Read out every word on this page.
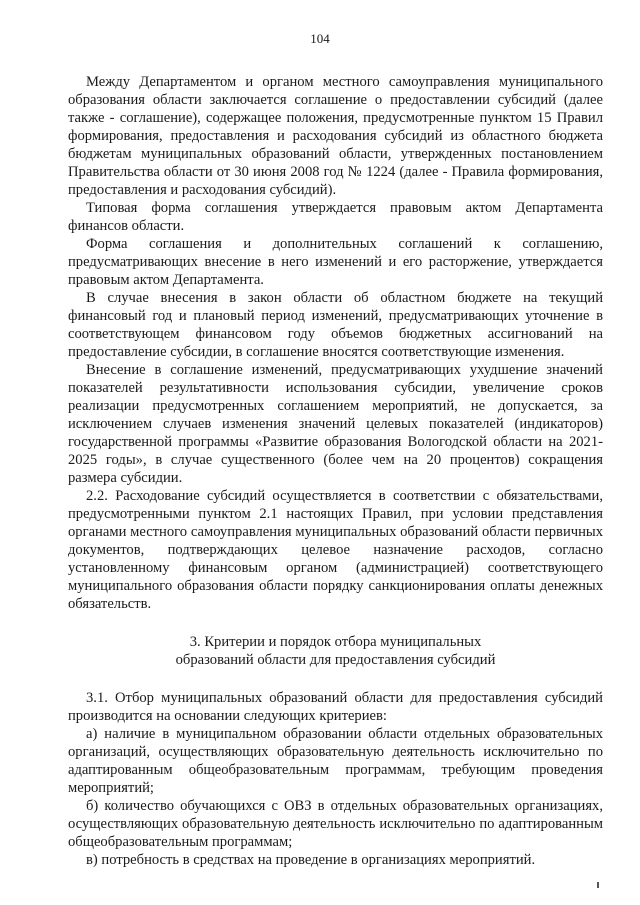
104

Между Департаментом и органом местного самоуправления муниципального образования области заключается соглашение о предоставлении субсидий (далее также - соглашение), содержащее положения, предусмотренные пунктом 15 Правил формирования, предоставления и расходования субсидий из областного бюджета бюджетам муниципальных образований области, утвержденных постановлением Правительства области от 30 июня 2008 год № 1224 (далее - Правила формирования, предоставления и расходования субсидий).

Типовая форма соглашения утверждается правовым актом Департамента финансов области.

Форма соглашения и дополнительных соглашений к соглашению, предусматривающих внесение в него изменений и его расторжение, утверждается правовым актом Департамента.

В случае внесения в закон области об областном бюджете на текущий финансовый год и плановый период изменений, предусматривающих уточнение в соответствующем финансовом году объемов бюджетных ассигнований на предоставление субсидии, в соглашение вносятся соответствующие изменения.

Внесение в соглашение изменений, предусматривающих ухудшение значений показателей результативности использования субсидии, увеличение сроков реализации предусмотренных соглашением мероприятий, не допускается, за исключением случаев изменения значений целевых показателей (индикаторов) государственной программы «Развитие образования Вологодской области на 2021-2025 годы», в случае существенного (более чем на 20 процентов) сокращения размера субсидии.

2.2. Расходование субсидий осуществляется в соответствии с обязательствами, предусмотренными пунктом 2.1 настоящих Правил, при условии представления органами местного самоуправления муниципальных образований области первичных документов, подтверждающих целевое назначение расходов, согласно установленному финансовым органом (администрацией) соответствующего муниципального образования области порядку санкционирования оплаты денежных обязательств.

3. Критерии и порядок отбора муниципальных
образований области для предоставления субсидий

3.1. Отбор муниципальных образований области для предоставления субсидий производится на основании следующих критериев:

а) наличие в муниципальном образовании области отдельных образовательных организаций, осуществляющих образовательную деятельность исключительно по адаптированным общеобразовательным программам, требующим проведения мероприятий;

б) количество обучающихся с ОВЗ в отдельных образовательных организациях, осуществляющих образовательную деятельность исключительно по адаптированным общеобразовательным программам;

в) потребность в средствах на проведение в организациях мероприятий.
